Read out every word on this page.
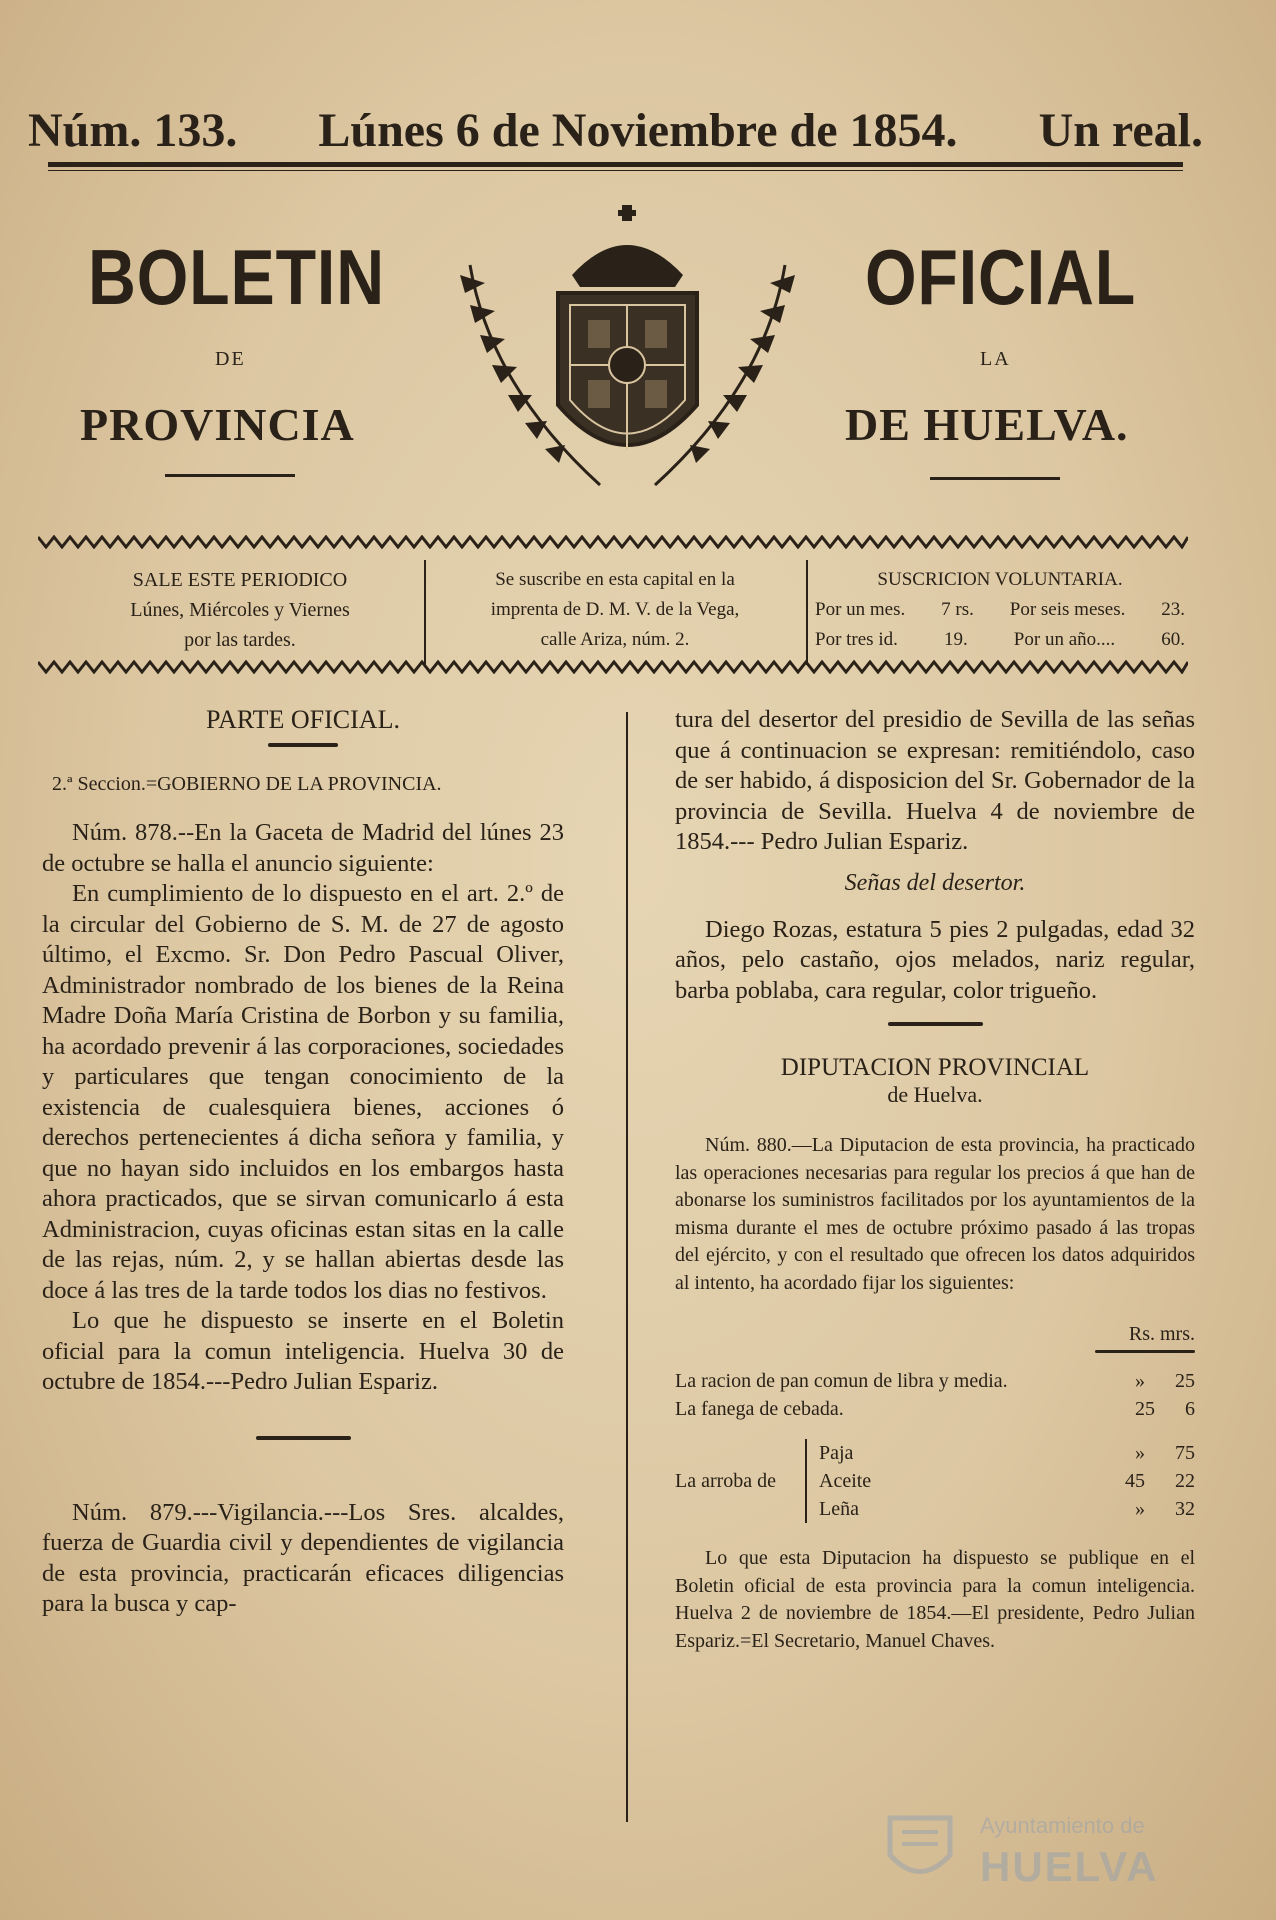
Núm. 133. Lúnes 6 de Noviembre de 1854. Un real.
BOLETIN	OFICIAL
DE	LA
PROVINCIA	DE HUELVA.
SALE ESTE PERIODICO
Lúnes, Miércoles y Viernes
por las tardes.
Se suscribe en esta capital en la
imprenta de D. M. V. de la Vega,
calle Ariza, núm. 2.
SUSCRICION VOLUNTARIA.
Por un mes. 7 rs. Por seis meses. 23.
Por tres id. 19. Por un año.... 60.
PARTE OFICIAL.
2.ª Seccion.=GOBIERNO DE LA PROVINCIA.

Núm. 878.--En la Gaceta de Madrid del lúnes 23 de octubre se halla el anuncio siguiente:

En cumplimiento de lo dispuesto en el art. 2.º de la circular del Gobierno de S. M. de 27 de agosto último, el Excmo. Sr. Don Pedro Pascual Oliver, Administrador nombrado de los bienes de la Reina Madre Doña María Cristina de Borbon y su familia, ha acordado prevenir á las corporaciones, sociedades y particulares que tengan conocimiento de la existencia de cualesquiera bienes, acciones ó derechos pertenecientes á dicha señora y familia, y que no hayan sido incluidos en los embargos hasta ahora practicados, que se sirvan comunicarlo á esta Administracion, cuyas oficinas estan sitas en la calle de las rejas, núm. 2, y se hallan abiertas desde las doce á las tres de la tarde todos los dias no festivos.

Lo que he dispuesto se inserte en el Boletin oficial para la comun inteligencia. Huelva 30 de octubre de 1854.---Pedro Julian Espariz.

Núm. 879.---Vigilancia.---Los Sres. alcaldes, fuerza de Guardia civil y dependientes de vigilancia de esta provincia, practicarán eficaces diligencias para la busca y cap-

tura del desertor del presidio de Sevilla de las señas que á continuacion se expresan: remitiéndolo, caso de ser habido, á disposicion del Sr. Gobernador de la provincia de Sevilla. Huelva 4 de noviembre de 1854.--- Pedro Julian Espariz.

Señas del desertor.

Diego Rozas, estatura 5 pies 2 pulgadas, edad 32 años, pelo castaño, ojos melados, nariz regular, barba poblaba, cara regular, color trigueño.

DIPUTACION PROVINCIAL
de Huelva.

Núm. 880.—La Diputacion de esta provincia, ha practicado las operaciones necesarias para regular los precios á que han de abonarse los suministros facilitados por los ayuntamientos de la misma durante el mes de octubre próximo pasado á las tropas del ejército, y con el resultado que ofrecen los datos adquiridos al intento, ha acordado fijar los siguientes:

Rs. mrs.
La racion de pan comun de libra y media.	» 25
La fanega de cebada.	25 6
La arroba de
Paja	» 75
Aceite	45 22
Leña	» 32

Lo que esta Diputacion ha dispuesto se publique en el Boletin oficial de esta provincia para la comun inteligencia. Huelva 2 de noviembre de 1854.—El presidente, Pedro Julian Espariz.=El Secretario, Manuel Chaves.

Ayuntamiento de
HUELVA
